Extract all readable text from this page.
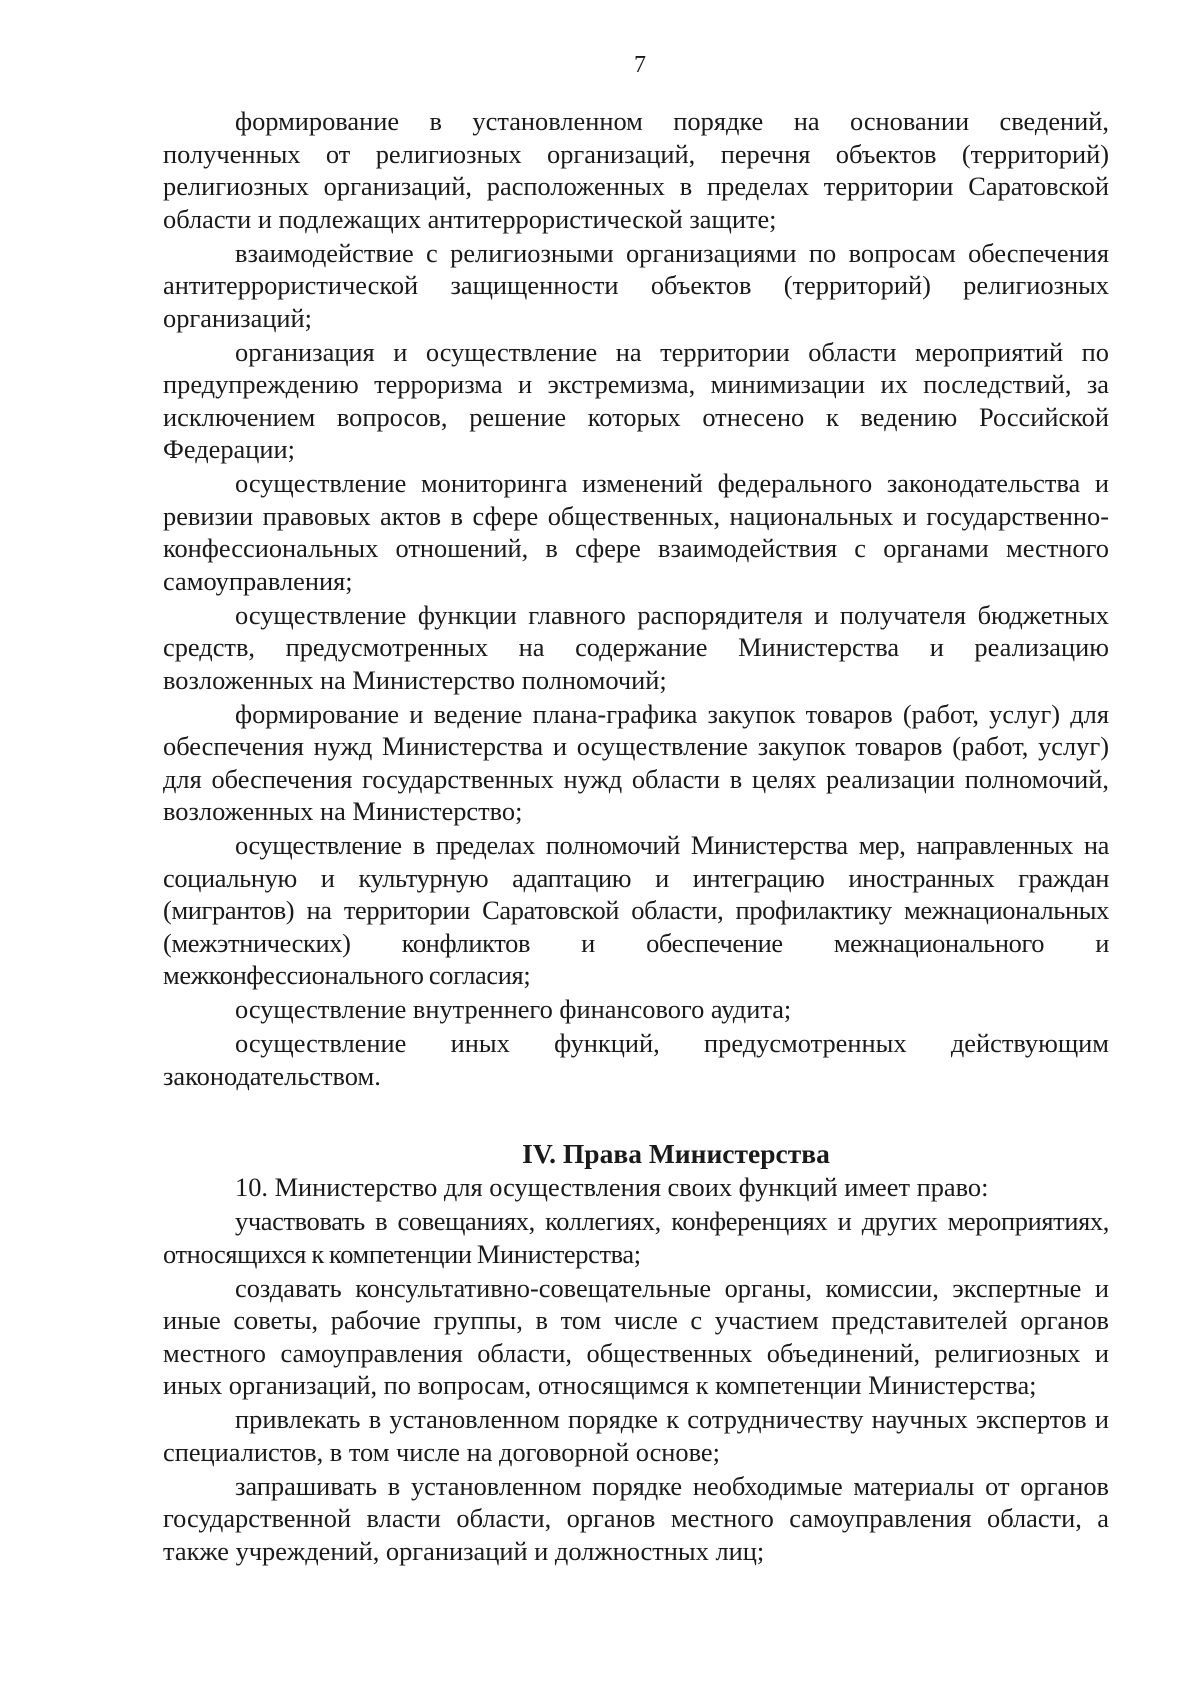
7

формирование в установленном порядке на основании сведений, полученных от религиозных организаций, перечня объектов (территорий) религиозных организаций, расположенных в пределах территории Саратовской области и подлежащих антитеррористической защите;

взаимодействие с религиозными организациями по вопросам обеспечения антитеррористической защищенности объектов (территорий) религиозных организаций;

организация и осуществление на территории области мероприятий по предупреждению терроризма и экстремизма, минимизации их последствий, за исключением вопросов, решение которых отнесено к ведению Российской Федерации;

осуществление мониторинга изменений федерального законодательства и ревизии правовых актов в сфере общественных, национальных и государственно-конфессиональных отношений, в сфере взаимодействия с органами местного самоуправления;

осуществление функции главного распорядителя и получателя бюджетных средств, предусмотренных на содержание Министерства и реализацию возложенных на Министерство полномочий;

формирование и ведение плана-графика закупок товаров (работ, услуг) для обеспечения нужд Министерства и осуществление закупок товаров (работ, услуг) для обеспечения государственных нужд области в целях реализации полномочий, возложенных на Министерство;

осуществление в пределах полномочий Министерства мер, направленных на социальную и культурную адаптацию и интеграцию иностранных граждан (мигрантов) на территории Саратовской области, профилактику межнациональных (межэтнических) конфликтов и обеспечение межнационального и межконфессионального согласия;

осуществление внутреннего финансового аудита;

осуществление иных функций, предусмотренных действующим законодательством.

IV. Права Министерства

10. Министерство для осуществления своих функций имеет право:

участвовать в совещаниях, коллегиях, конференциях и других мероприятиях, относящихся к компетенции Министерства;

создавать консультативно-совещательные органы, комиссии, экспертные и иные советы, рабочие группы, в том числе с участием представителей органов местного самоуправления области, общественных объединений, религиозных и иных организаций, по вопросам, относящимся к компетенции Министерства;

привлекать в установленном порядке к сотрудничеству научных экспертов и специалистов, в том числе на договорной основе;

запрашивать в установленном порядке необходимые материалы от органов государственной власти области, органов местного самоуправления области, а также учреждений, организаций и должностных лиц;
